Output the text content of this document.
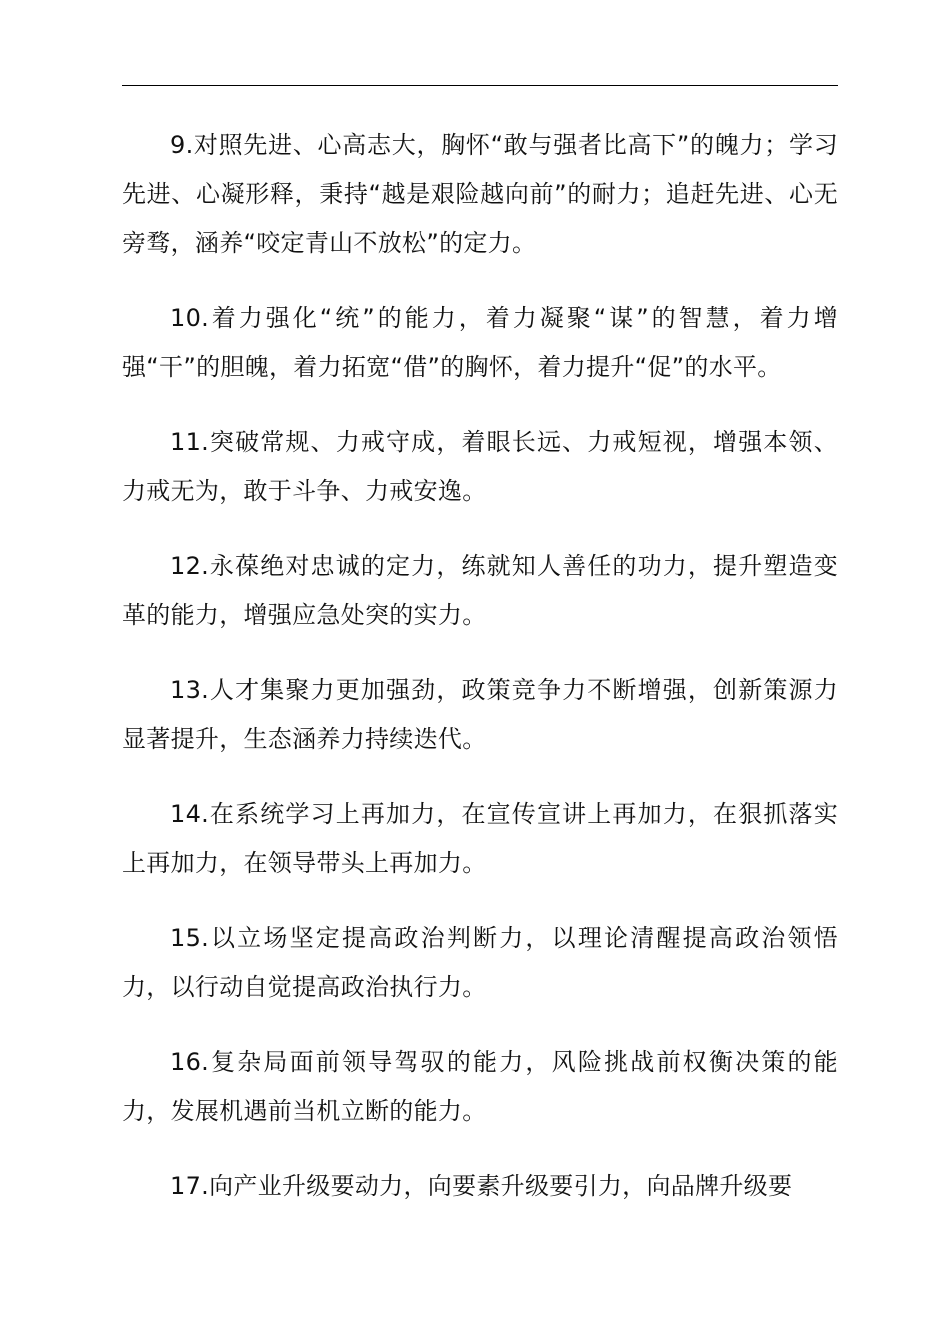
9.对照先进、心高志大，胸怀“敢与强者比高下”的魄力；学习先进、心凝形释，秉持“越是艰险越向前”的耐力；追赶先进、心无旁骛，涵养“咬定青山不放松”的定力。

10.着力强化“统”的能力，着力凝聚“谋”的智慧，着力增强“干”的胆魄，着力拓宽“借”的胸怀，着力提升“促”的水平。

11.突破常规、力戒守成，着眼长远、力戒短视，增强本领、力戒无为，敢于斗争、力戒安逸。

12.永葆绝对忠诚的定力，练就知人善任的功力，提升塑造变革的能力，增强应急处突的实力。

13.人才集聚力更加强劲，政策竞争力不断增强，创新策源力显著提升，生态涵养力持续迭代。

14.在系统学习上再加力，在宣传宣讲上再加力，在狠抓落实上再加力，在领导带头上再加力。

15.以立场坚定提高政治判断力，以理论清醒提高政治领悟力，以行动自觉提高政治执行力。

16.复杂局面前领导驾驭的能力，风险挑战前权衡决策的能力，发展机遇前当机立断的能力。

17.向产业升级要动力，向要素升级要引力，向品牌升级要
